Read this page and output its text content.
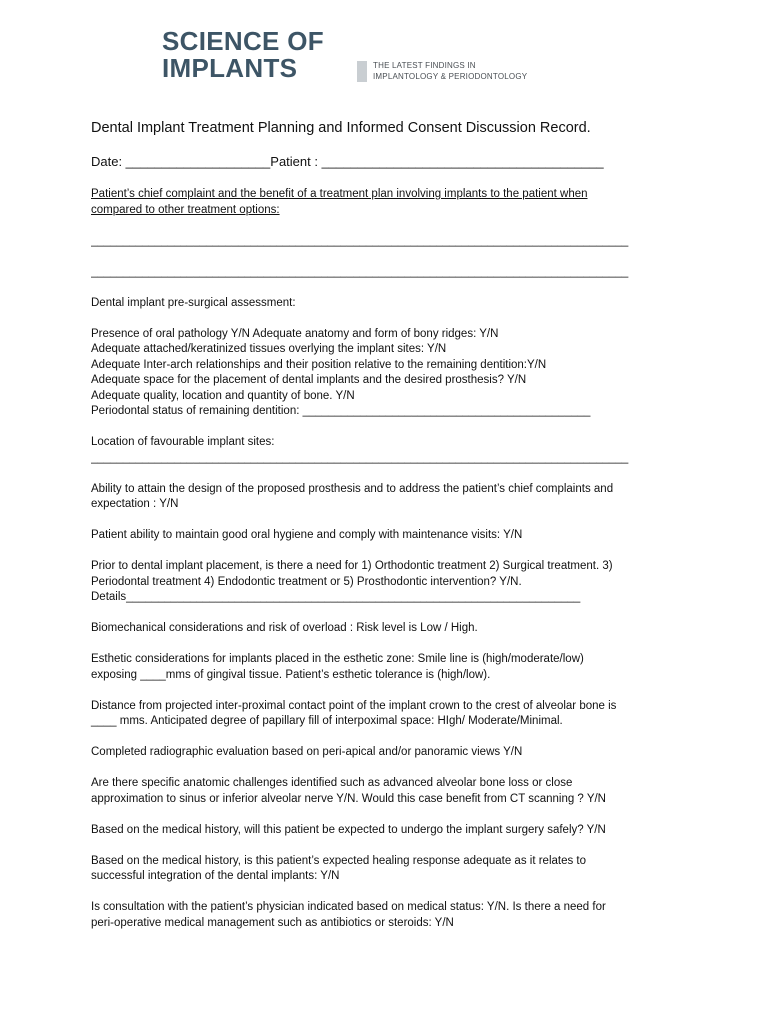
SCIENCE OF
IMPLANTS	THE LATEST FINDINGS IN
IMPLANTOLOGY & PERIODONTOLOGY
Dental Implant Treatment Planning and Informed Consent Discussion Record.
Date: ____________________Patient : _______________________________________

Patient’s chief complaint and the benefit of a treatment plan involving implants to the patient when
compared to other treatment options:

____________________________________________________________________________________
____________________________________________________________________________________

Dental implant pre-surgical assessment:

Presence of oral pathology Y/N Adequate anatomy and form of bony ridges: Y/N
Adequate attached/keratinized tissues overlying the implant sites: Y/N
Adequate Inter-arch relationships and their position relative to the remaining dentition:Y/N
Adequate space for the placement of dental implants and the desired prosthesis? Y/N
Adequate quality, location and quantity of bone. Y/N
Periodontal status of remaining dentition: _____________________________________________

Location of favourable implant sites:
____________________________________________________________________________________

Ability to attain the design of the proposed prosthesis and to address the patient’s chief complaints and
expectation : Y/N

Patient ability to maintain good oral hygiene and comply with maintenance visits: Y/N

Prior to dental implant placement, is there a need for 1) Orthodontic treatment 2) Surgical treatment. 3)
Periodontal treatment 4) Endodontic treatment or 5) Prosthodontic intervention? Y/N.
Details_______________________________________________________________________

Biomechanical considerations and risk of overload : Risk level is Low / High.

Esthetic considerations for implants placed in the esthetic zone: Smile line is (high/moderate/low)
exposing ____mms of gingival tissue. Patient’s esthetic tolerance is (high/low).

Distance from projected inter-proximal contact point of the implant crown to the crest of alveolar bone is
____ mms. Anticipated degree of papillary fill of interpoximal space: HIgh/ Moderate/Minimal.

Completed radiographic evaluation based on peri-apical and/or panoramic views Y/N

Are there specific anatomic challenges identified such as advanced alveolar bone loss or close
approximation to sinus or inferior alveolar nerve Y/N. Would this case benefit from CT scanning ? Y/N

Based on the medical history, will this patient be expected to undergo the implant surgery safely? Y/N

Based on the medical history, is this patient’s expected healing response adequate as it relates to
successful integration of the dental implants: Y/N

Is consultation with the patient’s physician indicated based on medical status: Y/N. Is there a need for
peri-operative medical management such as antibiotics or steroids: Y/N
